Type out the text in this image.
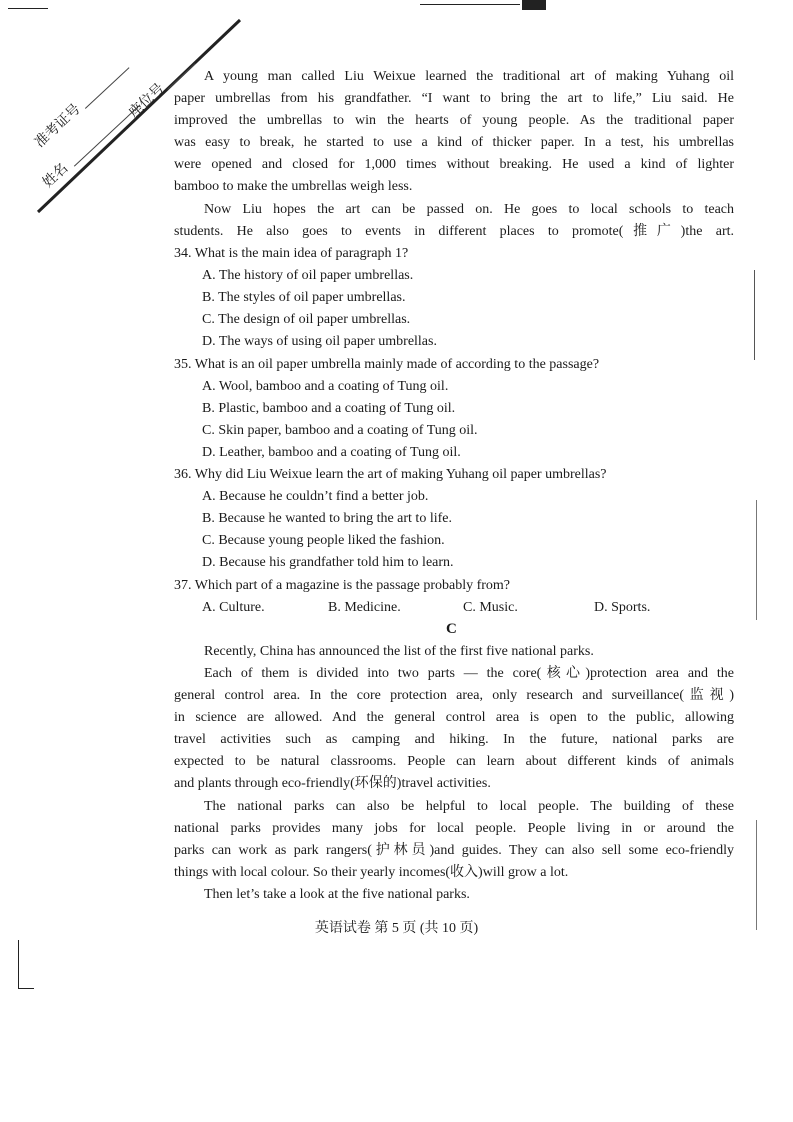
姓名
准考证号
座位号
A young man called Liu Weixue learned the traditional art of making Yuhang oil
paper umbrellas from his grandfather. “I want to bring the art to life,” Liu said. He
improved the umbrellas to win the hearts of young people. As the traditional paper
was easy to break, he started to use a kind of thicker paper. In a test, his umbrellas
were opened and closed for 1,000 times without breaking. He used a kind of lighter
bamboo to make the umbrellas weigh less.
Now Liu hopes the art can be passed on. He goes to local schools to teach
students. He also goes to events in different places to promote(推广)the art.
34. What is the main idea of paragraph 1?
A. The history of oil paper umbrellas.
B. The styles of oil paper umbrellas.
C. The design of oil paper umbrellas.
D. The ways of using oil paper umbrellas.
35. What is an oil paper umbrella mainly made of according to the passage?
A. Wool, bamboo and a coating of Tung oil.
B. Plastic, bamboo and a coating of Tung oil.
C. Skin paper, bamboo and a coating of Tung oil.
D. Leather, bamboo and a coating of Tung oil.
36. Why did Liu Weixue learn the art of making Yuhang oil paper umbrellas?
A. Because he couldn’t find a better job.
B. Because he wanted to bring the art to life.
C. Because young people liked the fashion.
D. Because his grandfather told him to learn.
37. Which part of a magazine is the passage probably from?
A. Culture.	B. Medicine.	C. Music.	D. Sports.
C
Recently, China has announced the list of the first five national parks.
Each of them is divided into two parts — the core(核心)protection area and the
general control area. In the core protection area, only research and surveillance(监视)
in science are allowed. And the general control area is open to the public, allowing
travel activities such as camping and hiking. In the future, national parks are
expected to be natural classrooms. People can learn about different kinds of animals
and plants through eco-friendly(环保的)travel activities.
The national parks can also be helpful to local people. The building of these
national parks provides many jobs for local people. People living in or around the
parks can work as park rangers(护林员)and guides. They can also sell some eco-friendly
things with local colour. So their yearly incomes(收入)will grow a lot.
Then let’s take a look at the five national parks.
英语试卷 第 5 页 (共 10 页)
